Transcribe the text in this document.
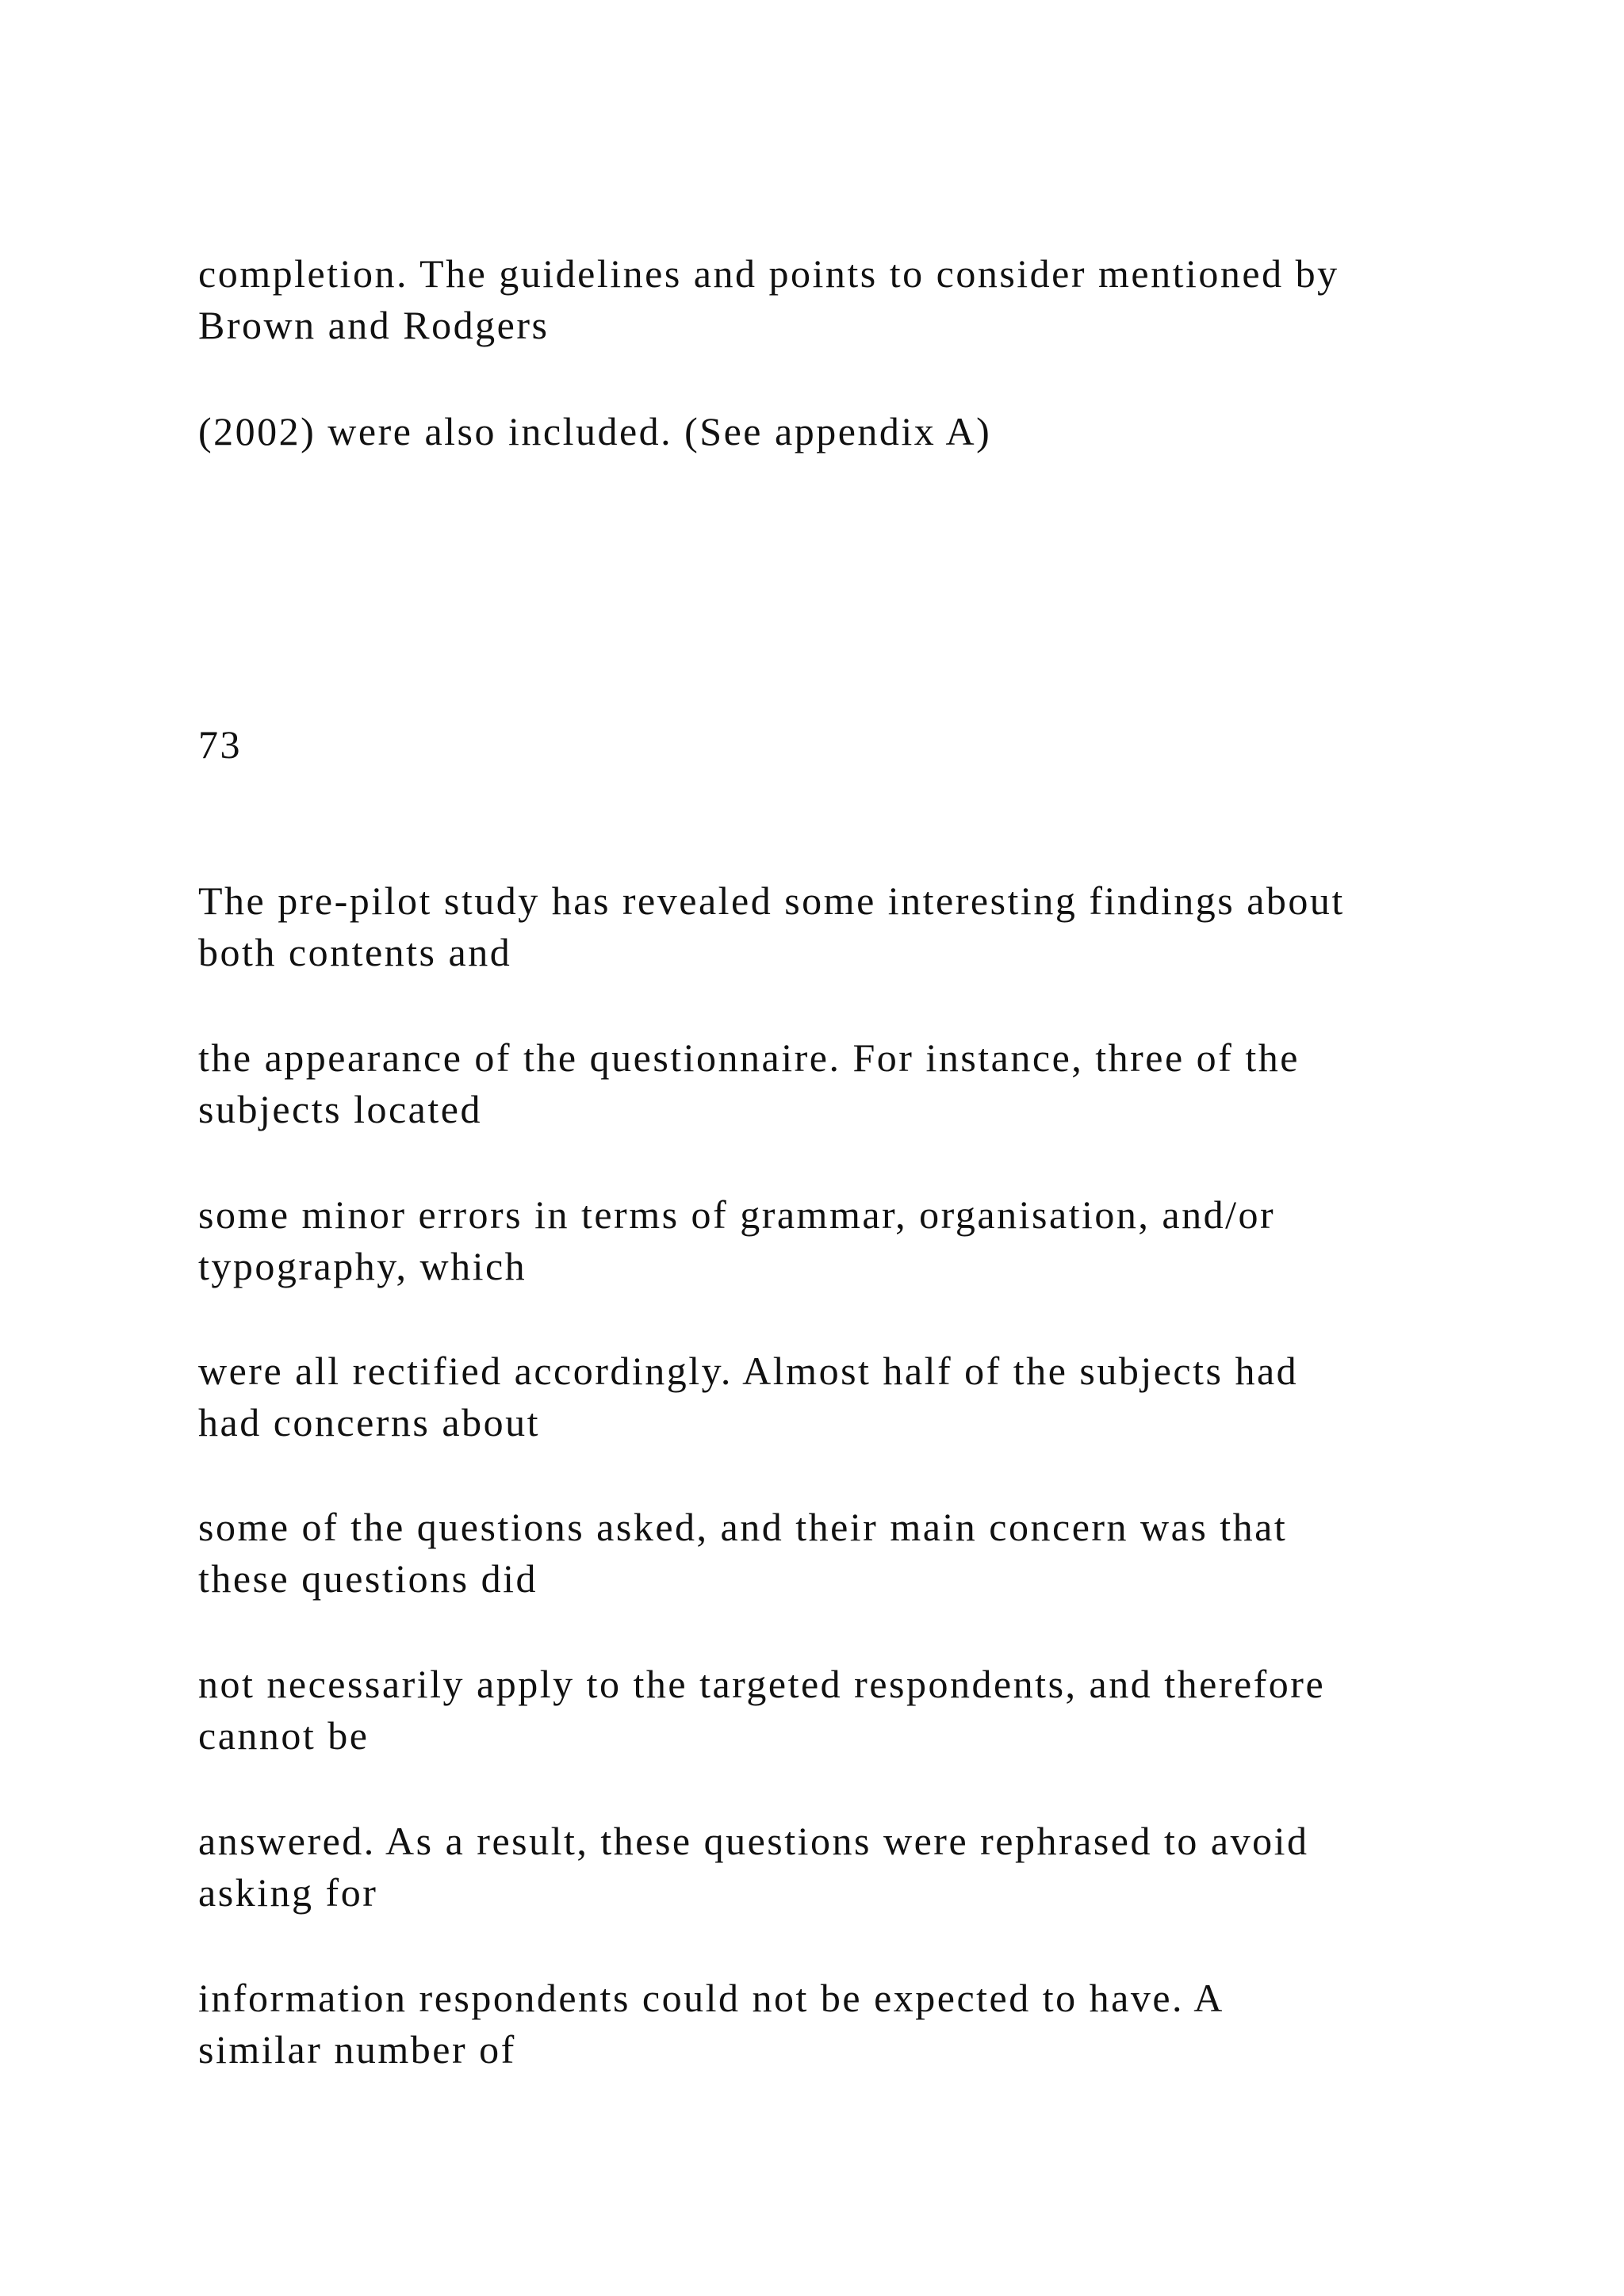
completion. The guidelines and points to consider mentioned by
Brown and Rodgers

(2002) were also included. (See appendix A)

73

The pre-pilot study has revealed some interesting findings about
both contents and

the appearance of the questionnaire. For instance, three of the
subjects located

some minor errors in terms of grammar, organisation, and/or
typography, which

were all rectified accordingly. Almost half of the subjects had
had concerns about

some of the questions asked, and their main concern was that
these questions did

not necessarily apply to the targeted respondents, and therefore
cannot be

answered. As a result, these questions were rephrased to avoid
asking for

information respondents could not be expected to have. A
similar number of
